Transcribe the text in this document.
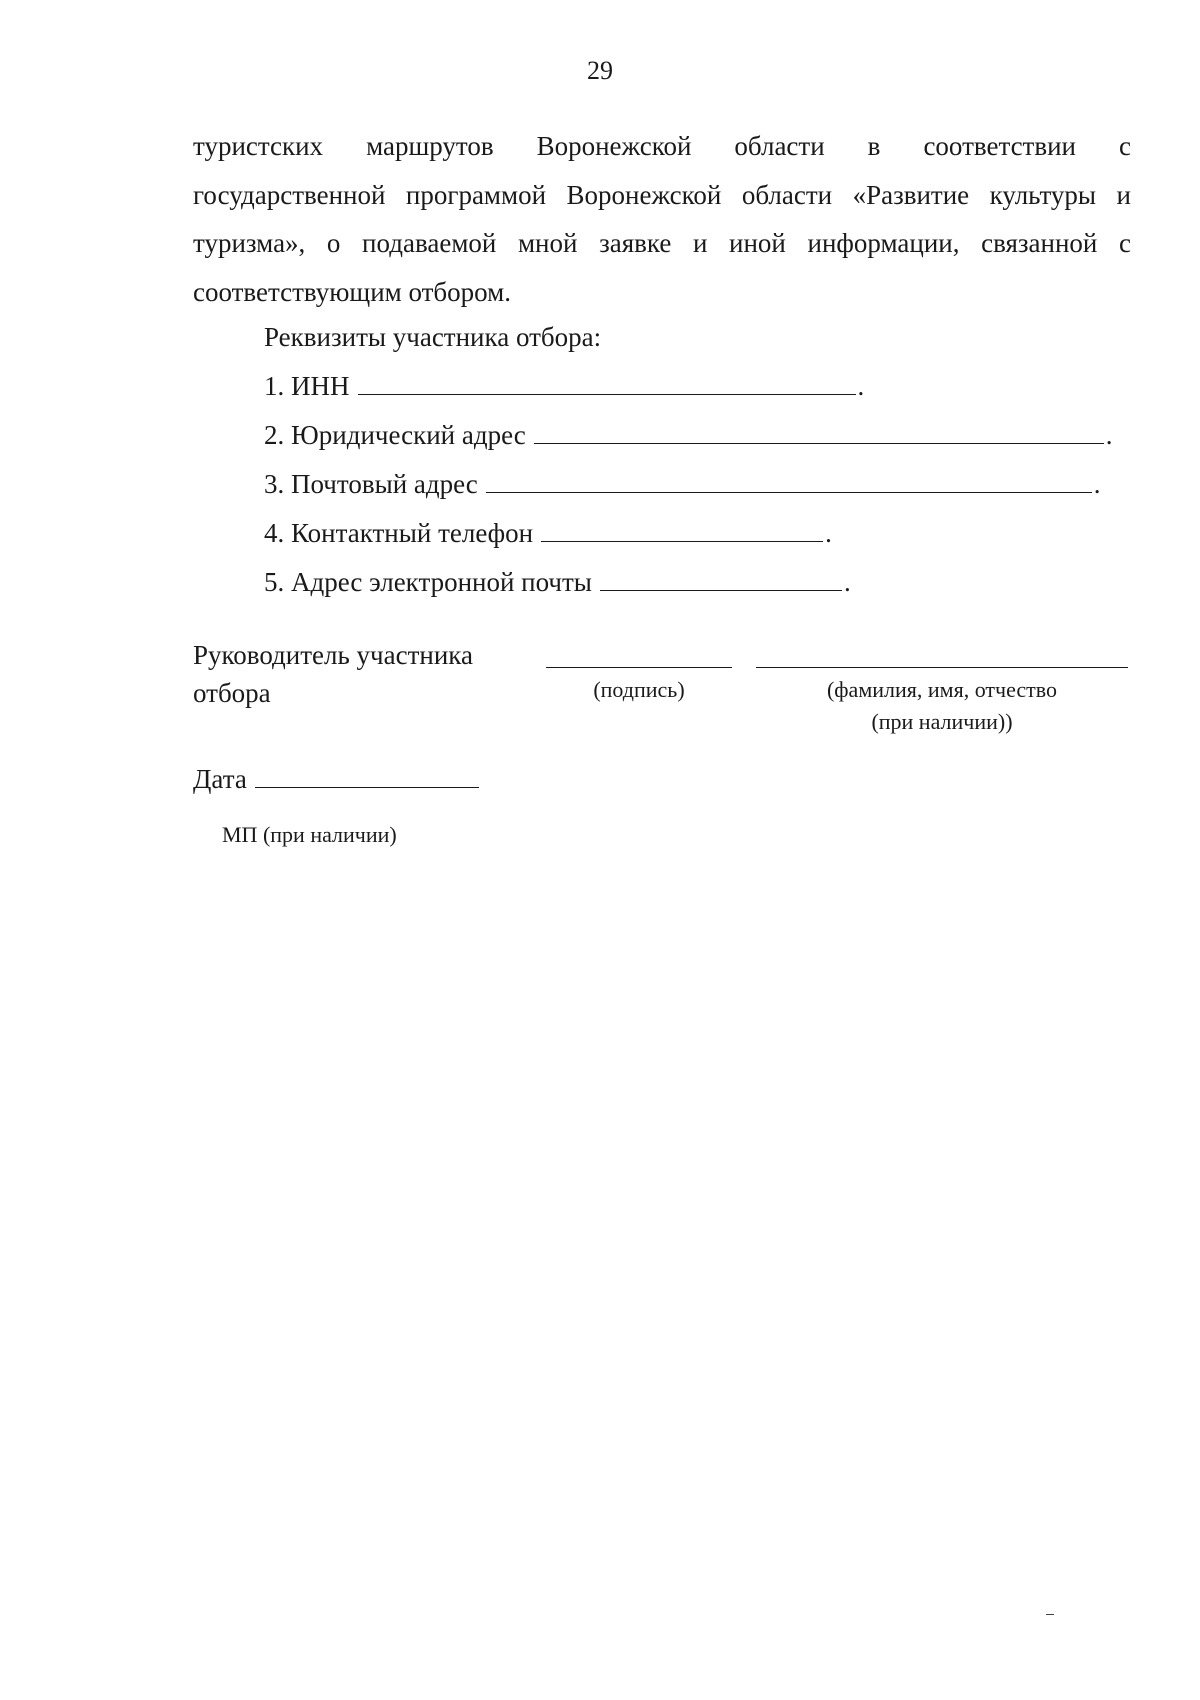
29
туристских маршрутов Воронежской области в соответствии с
государственной программой Воронежской области «Развитие культуры и
туризма», о подаваемой мной заявке и иной информации, связанной с
соответствующим отбором.
Реквизиты участника отбора:
1. ИНН	.
2. Юридический адрес	.
3. Почтовый адрес	.
4. Контактный телефон	.
5. Адрес электронной почты	.
Руководитель участника
отбора	(подпись)	(фамилия, имя, отчество
(при наличии))
Дата
МП (при наличии)
